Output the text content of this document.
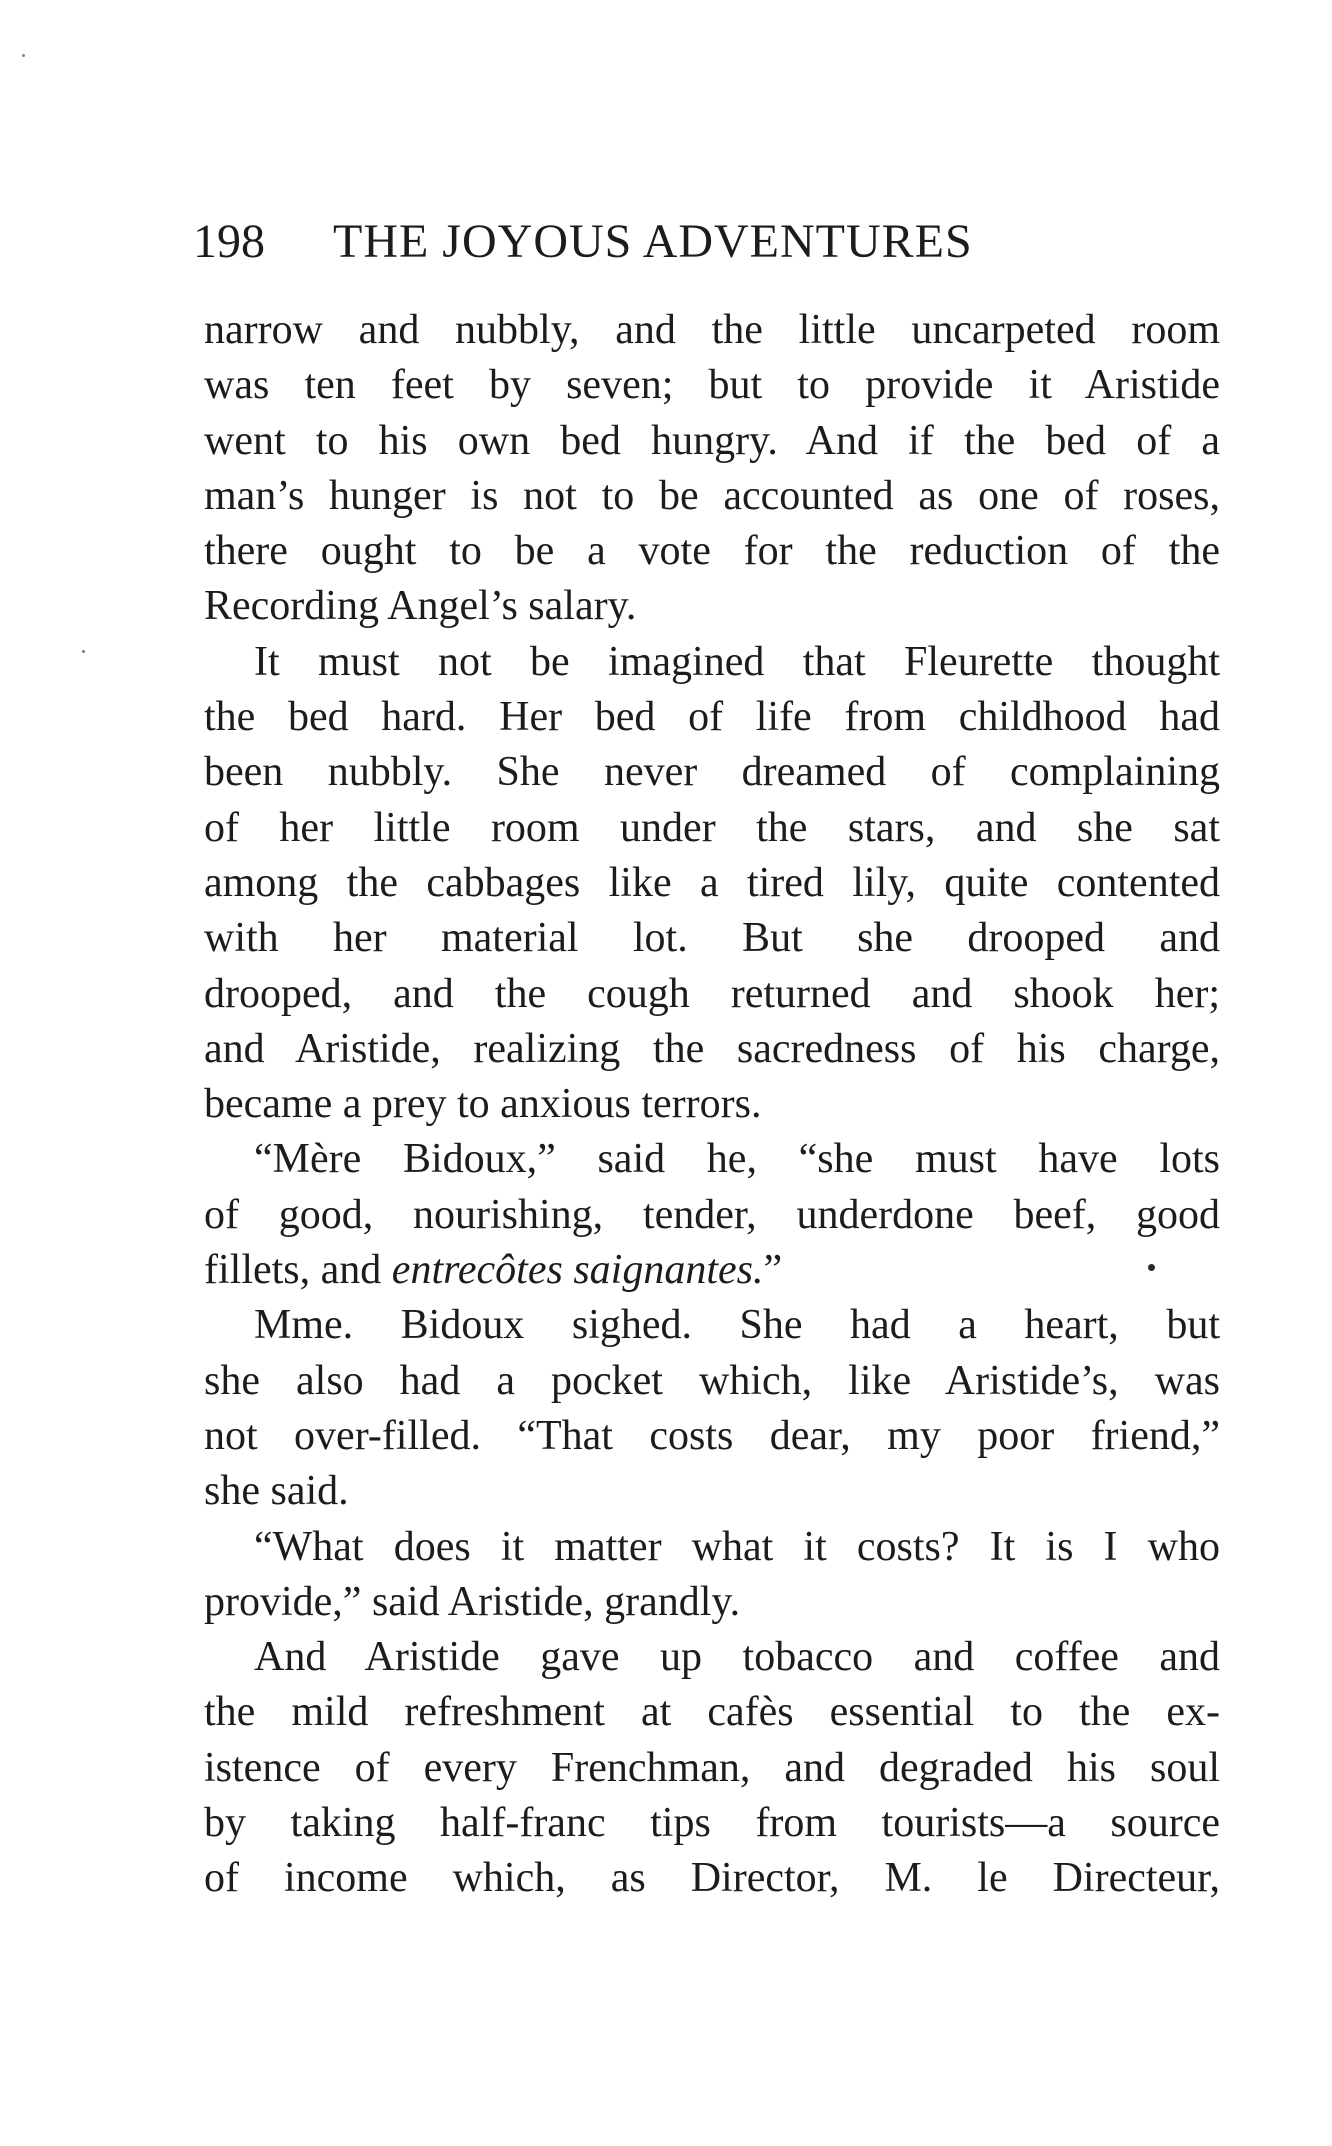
198 THE JOYOUS ADVENTURES
narrow and nubbly, and the little uncarpeted room
was ten feet by seven; but to provide it Aristide
went to his own bed hungry. And if the bed of a
man’s hunger is not to be accounted as one of roses,
there ought to be a vote for the reduction of the
Recording Angel’s salary.
It must not be imagined that Fleurette thought
the bed hard. Her bed of life from childhood had
been nubbly. She never dreamed of complaining
of her little room under the stars, and she sat
among the cabbages like a tired lily, quite contented
with her material lot. But she drooped and
drooped, and the cough returned and shook her;
and Aristide, realizing the sacredness of his charge,
became a prey to anxious terrors.
“Mère Bidoux,” said he, “she must have lots
of good, nourishing, tender, underdone beef, good
fillets, and entrecôtes saignantes.”
Mme. Bidoux sighed. She had a heart, but
she also had a pocket which, like Aristide’s, was
not over-filled. “That costs dear, my poor friend,”
she said.
“What does it matter what it costs? It is I who
provide,” said Aristide, grandly.
And Aristide gave up tobacco and coffee and
the mild refreshment at cafès essential to the ex-
istence of every Frenchman, and degraded his soul
by taking half-franc tips from tourists—a source
of income which, as Director, M. le Directeur,
